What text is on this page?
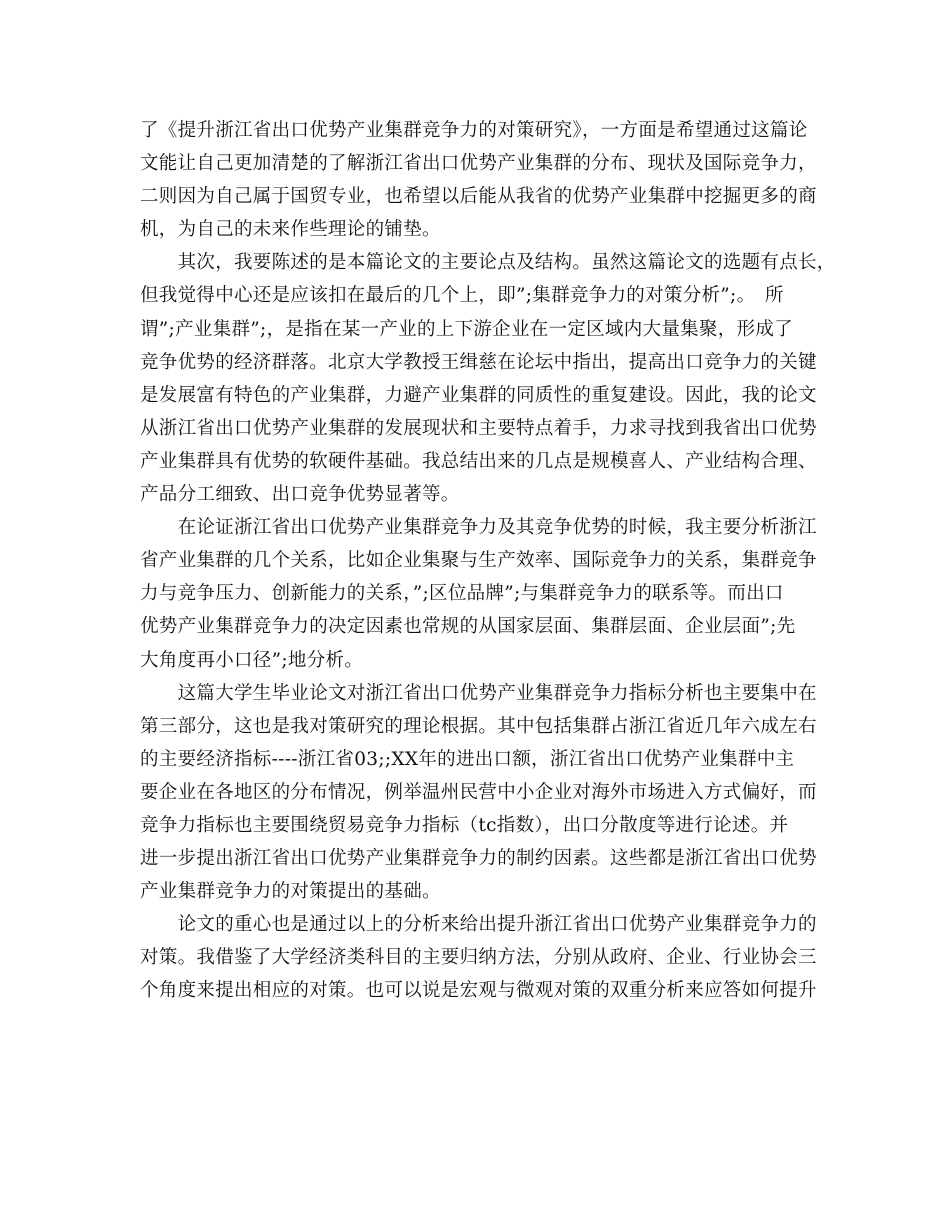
了《提升浙江省出口优势产业集群竞争力的对策研究》，一方面是希望通过这篇论
文能让自己更加清楚的了解浙江省出口优势产业集群的分布、现状及国际竞争力，
二则因为自己属于国贸专业，也希望以后能从我省的优势产业集群中挖掘更多的商
机，为自己的未来作些理论的铺垫。
　　其次，我要陈述的是本篇论文的主要论点及结构。虽然这篇论文的选题有点长，
但我觉得中心还是应该扣在最后的几个上，即”;集群竞争力的对策分析”;。　所
谓”;产业集群”;，是指在某一产业的上下游企业在一定区域内大量集聚，形成了
竞争优势的经济群落。北京大学教授王缉慈在论坛中指出，提高出口竞争力的关键
是发展富有特色的产业集群，力避产业集群的同质性的重复建设。因此，我的论文
从浙江省出口优势产业集群的发展现状和主要特点着手，力求寻找到我省出口优势
产业集群具有优势的软硬件基础。我总结出来的几点是规模喜人、产业结构合理、
产品分工细致、出口竞争优势显著等。
　　在论证浙江省出口优势产业集群竞争力及其竞争优势的时候，我主要分析浙江
省产业集群的几个关系，比如企业集聚与生产效率、国际竞争力的关系，集群竞争
力与竞争压力、创新能力的关系，”;区位品牌”;与集群竞争力的联系等。而出口
优势产业集群竞争力的决定因素也常规的从国家层面、集群层面、企业层面”;先
大角度再小口径”;地分析。
　　这篇大学生毕业论文对浙江省出口优势产业集群竞争力指标分析也主要集中在
第三部分，这也是我对策研究的理论根据。其中包括集群占浙江省近几年六成左右
的主要经济指标----浙江省03;;XX年的进出口额，浙江省出口优势产业集群中主
要企业在各地区的分布情况，例举温州民营中小企业对海外市场进入方式偏好，而
竞争力指标也主要围绕贸易竞争力指标（tc指数），出口分散度等进行论述。并
进一步提出浙江省出口优势产业集群竞争力的制约因素。这些都是浙江省出口优势
产业集群竞争力的对策提出的基础。
　　论文的重心也是通过以上的分析来给出提升浙江省出口优势产业集群竞争力的
对策。我借鉴了大学经济类科目的主要归纳方法，分别从政府、企业、行业协会三
个角度来提出相应的对策。也可以说是宏观与微观对策的双重分析来应答如何提升
